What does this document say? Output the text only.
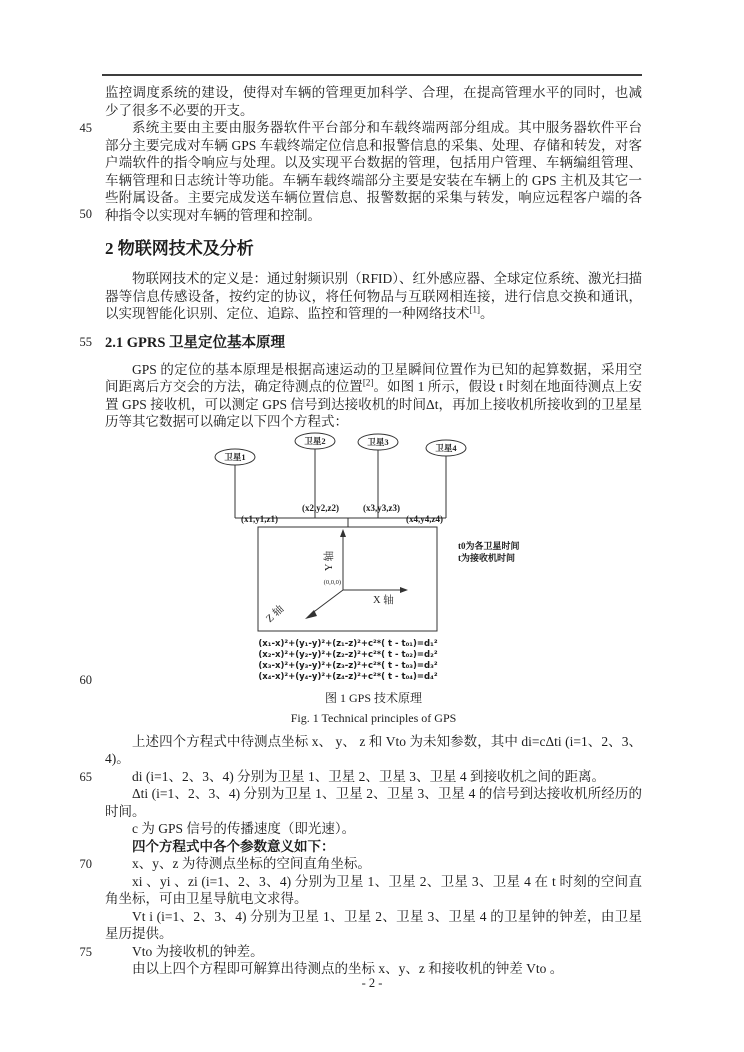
监控调度系统的建设，使得对车辆的管理更加科学、合理，在提高管理水平的同时，也减少了很多不必要的开支。

45
50
系统主要由主要由服务器软件平台部分和车载终端两部分组成。其中服务器软件平台部分主要完成对车辆 GPS 车载终端定位信息和报警信息的采集、处理、存储和转发，对客户端软件的指令响应与处理。以及实现平台数据的管理，包括用户管理、车辆编组管理、车辆管理和日志统计等功能。车辆车载终端部分主要是安装在车辆上的 GPS 主机及其它一些附属设备。主要完成发送车辆位置信息、报警数据的采集与转发，响应远程客户端的各种指令以实现对车辆的管理和控制。

2 物联网技术及分析

物联网技术的定义是：通过射频识别（RFID）、红外感应器、全球定位系统、激光扫描器等信息传感设备，按约定的协议，将任何物品与互联网相连接，进行信息交换和通讯，以实现智能化识别、定位、追踪、监控和管理的一种网络技术[1]。

55 2.1 GPRS 卫星定位基本原理

GPS 的定位的基本原理是根据高速运动的卫星瞬间位置作为已知的起算数据，采用空间距离后方交会的方法，确定待测点的位置[2]。如图 1 所示，假设 t 时刻在地面待测点上安置 GPS 接收机，可以测定 GPS 信号到达接收机的时间Δt，再加上接收机所接收到的卫星星历等其它数据可以确定以下四个方程式：

卫星1
卫星2	卫星3
卫星4
(x1,y1,z1)
(x2,y2,z2)	(x3,y3,z3)
(x4,y4,z4)
Y 轴
X 轴
Z 轴
(0,0,0)
t0为各卫星时间
t为接收机时间
(x₁-x)²+(y₁-y)²+(z₁-z)²+c²*( t - t₀₁)=d₁²
(x₂-x)²+(y₂-y)²+(z₂-z)²+c²*( t - t₀₂)=d₂²
(x₃-x)²+(y₃-y)²+(z₃-z)²+c²*( t - t₀₃)=d₃²
(x₄-x)²+(y₄-y)²+(z₄-z)²+c²*( t - t₀₄)=d₄²

60
图 1 GPS 技术原理

Fig. 1 Technical principles of GPS

上述四个方程式中待测点坐标 x、 y、 z 和 Vto 为未知参数，其中 di=cΔti (i=1、2、3、4)。

65	di (i=1、2、3、4) 分别为卫星 1、卫星 2、卫星 3、卫星 4 到接收机之间的距离。

Δti (i=1、2、3、4) 分别为卫星 1、卫星 2、卫星 3、卫星 4 的信号到达接收机所经历的时间。

c 为 GPS 信号的传播速度（即光速）。

四个方程式中各个参数意义如下：

70	x、y、z 为待测点坐标的空间直角坐标。

xi 、yi 、zi (i=1、2、3、4) 分别为卫星 1、卫星 2、卫星 3、卫星 4 在 t 时刻的空间直角坐标，可由卫星导航电文求得。

Vt i (i=1、2、3、4) 分别为卫星 1、卫星 2、卫星 3、卫星 4 的卫星钟的钟差，由卫星星历提供。

75	Vto 为接收机的钟差。

由以上四个方程即可解算出待测点的坐标 x、y、z 和接收机的钟差 Vto 。

- 2 -
